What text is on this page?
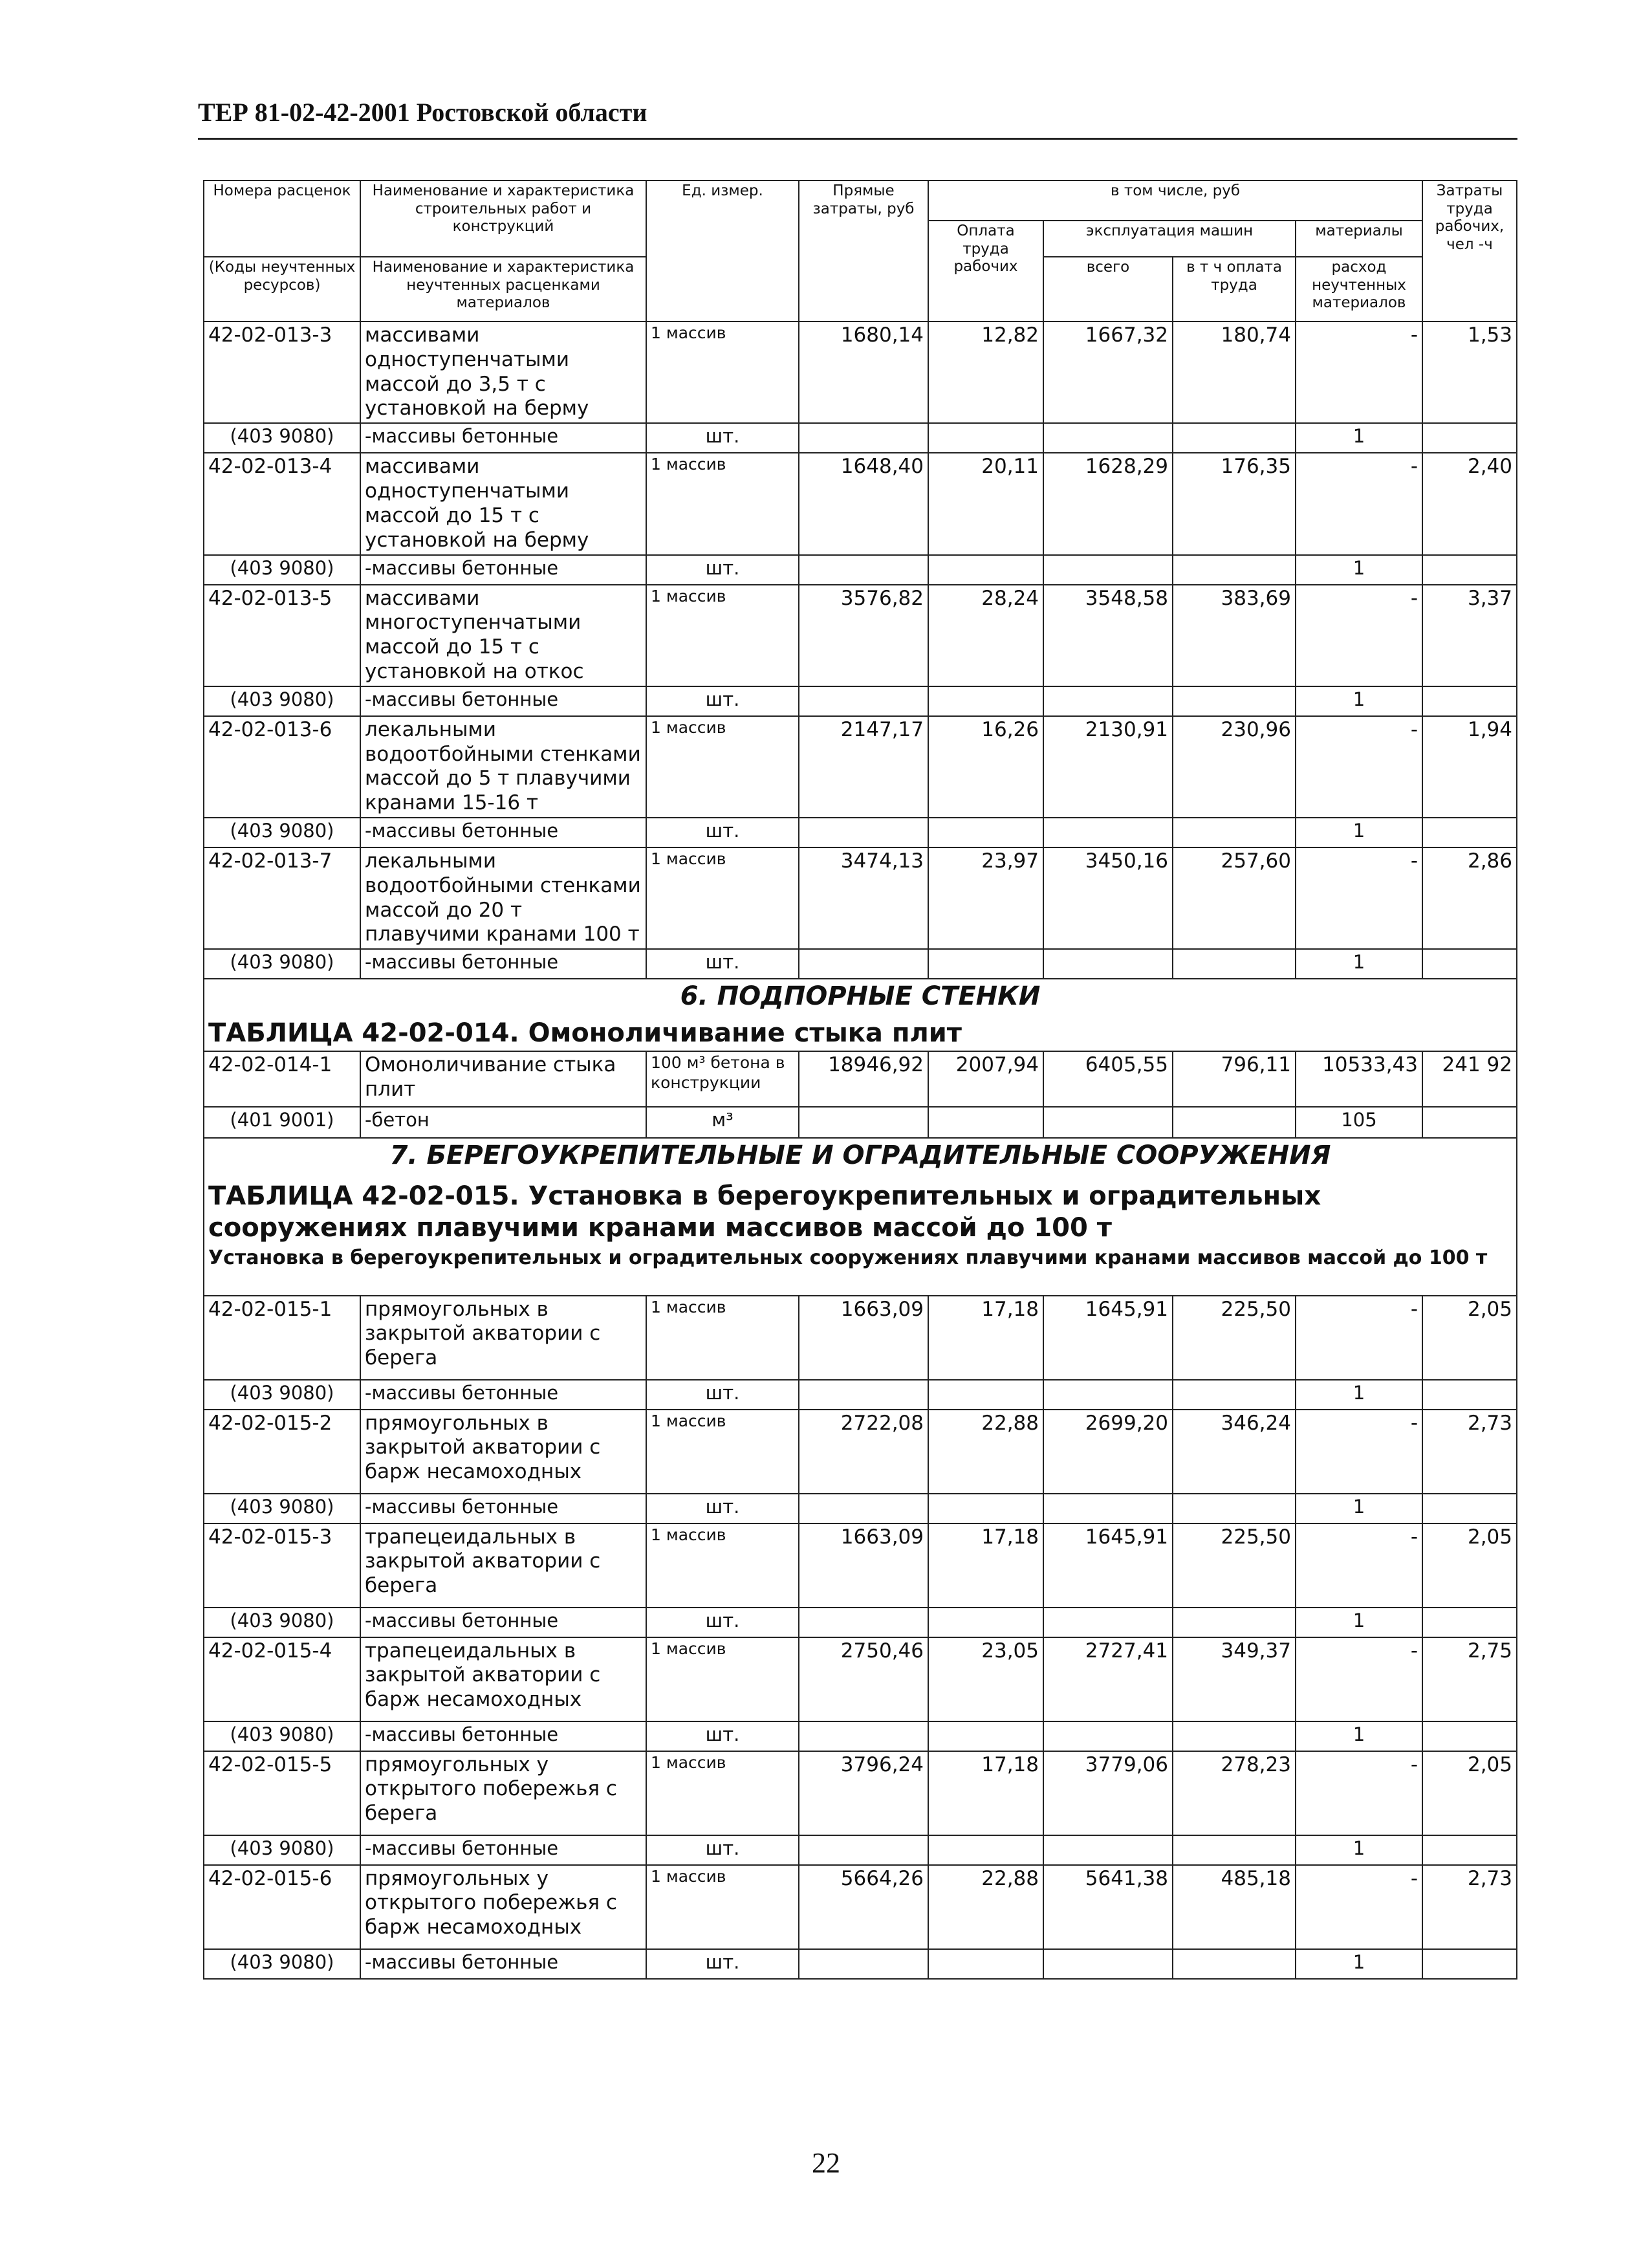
ТЕР 81-02-42-2001 Ростовской области
Номера расценок	Наименование и характеристика строительных работ и конструкций	Ед. измер.	Прямые затраты, руб	в том числе, руб				Затраты труда рабочих, чел -ч
				Оплата труда рабочих	эксплуатация машин		материалы	
(Коды неучтенных ресурсов)	Наименование и характеристика неучтенных расценками материалов				всего	в т ч оплата труда	расход неучтенных материалов	

42-02-013-3	массивами одноступенчатыми массой до 3,5 т с установкой на берму	1 массив	1680,14	12,82	1667,32	180,74	-	1,53
(403 9080)	-массивы бетонные	шт.					1	
42-02-013-4	массивами одноступенчатыми массой до 15 т с установкой на берму	1 массив	1648,40	20,11	1628,29	176,35	-	2,40
(403 9080)	-массивы бетонные	шт.					1	
42-02-013-5	массивами многоступенчатыми массой до 15 т с установкой на откос	1 массив	3576,82	28,24	3548,58	383,69	-	3,37
(403 9080)	-массивы бетонные	шт.					1	
42-02-013-6	лекальными водоотбойными стенками массой до 5 т плавучими кранами 15-16 т	1 массив	2147,17	16,26	2130,91	230,96	-	1,94
(403 9080)	-массивы бетонные	шт.					1	
42-02-013-7	лекальными водоотбойными стенками массой до 20 т плавучими кранами 100 т	1 массив	3474,13	23,97	3450,16	257,60	-	2,86
(403 9080)	-массивы бетонные	шт.					1	
6. ПОДПОРНЫЕ СТЕНКИ								
ТАБЛИЦА 42-02-014. Омоноличивание стыка плит								
42-02-014-1	Омоноличивание стыка плит	100 м³ бетона в конструкции	18946,92	2007,94	6405,55	796,11	10533,43	241 92
(401 9001)	-бетон	м³					105	
7. БЕРЕГОУКРЕПИТЕЛЬНЫЕ И ОГРАДИТЕЛЬНЫЕ СООРУЖЕНИЯ								
ТАБЛИЦА 42-02-015. Установка в берегоукрепительных и оградительных сооружениях плавучими кранами массивов массой до 100 т								
Установка в берегоукрепительных и оградительных сооружениях плавучими кранами массивов массой до 100 т								
42-02-015-1	прямоугольных в закрытой акватории с берега	1 массив	1663,09	17,18	1645,91	225,50	-	2,05
(403 9080)	-массивы бетонные	шт.					1	
42-02-015-2	прямоугольных в закрытой акватории с барж несамоходных	1 массив	2722,08	22,88	2699,20	346,24	-	2,73
(403 9080)	-массивы бетонные	шт.					1	
42-02-015-3	трапецеидальных в закрытой акватории с берега	1 массив	1663,09	17,18	1645,91	225,50	-	2,05
(403 9080)	-массивы бетонные	шт.					1	
42-02-015-4	трапецеидальных в закрытой акватории с барж несамоходных	1 массив	2750,46	23,05	2727,41	349,37	-	2,75
(403 9080)	-массивы бетонные	шт.					1	
42-02-015-5	прямоугольных у открытого побережья с берега	1 массив	3796,24	17,18	3779,06	278,23	-	2,05
(403 9080)	-массивы бетонные	шт.					1	
42-02-015-6	прямоугольных у открытого побережья с барж несамоходных	1 массив	5664,26	22,88	5641,38	485,18	-	2,73
(403 9080)	-массивы бетонные	шт.					1	
22
